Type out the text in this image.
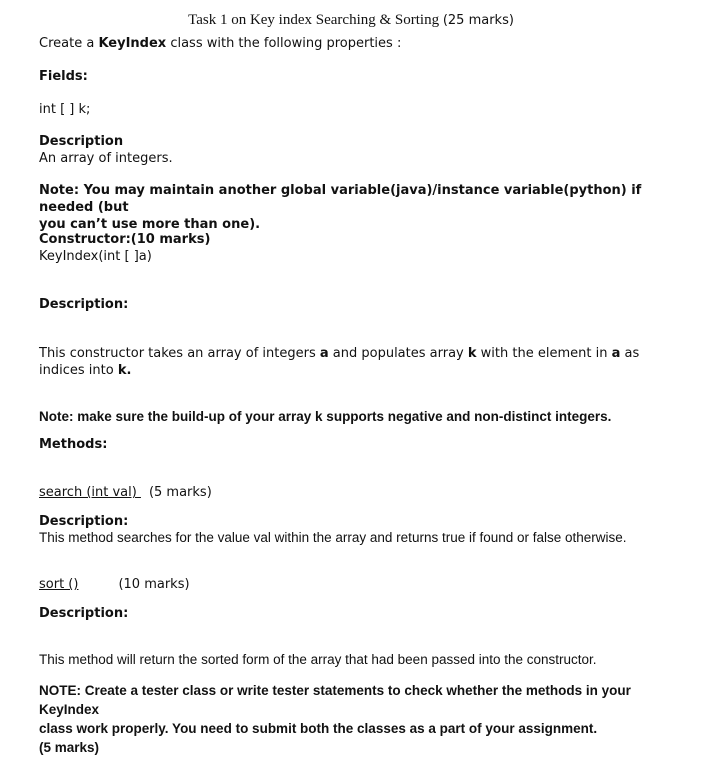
Task 1 on Key index Searching & Sorting (25 marks)
Create a KeyIndex class with the following properties :
Fields:
int [ ] k;
Description
An array of integers.
Note: You may maintain another global variable(java)/instance variable(python) if needed (but
you can’t use more than one).
Constructor:(10 marks)
KeyIndex(int [ ]a)
Description:
This constructor takes an array of integers a and populates array k with the element in a as
indices into k.
Note: make sure the build-up of your array k supports negative and non-distinct integers.
Methods:
search (int val) (5 marks)
Description:
This method searches for the value val within the array and returns true if found or false otherwise.
sort ()	(10 marks)
Description:
This method will return the sorted form of the array that had been passed into the constructor.
NOTE: Create a tester class or write tester statements to check whether the methods in your KeyIndex
class work properly. You need to submit both the classes as a part of your assignment.
(5 marks)
